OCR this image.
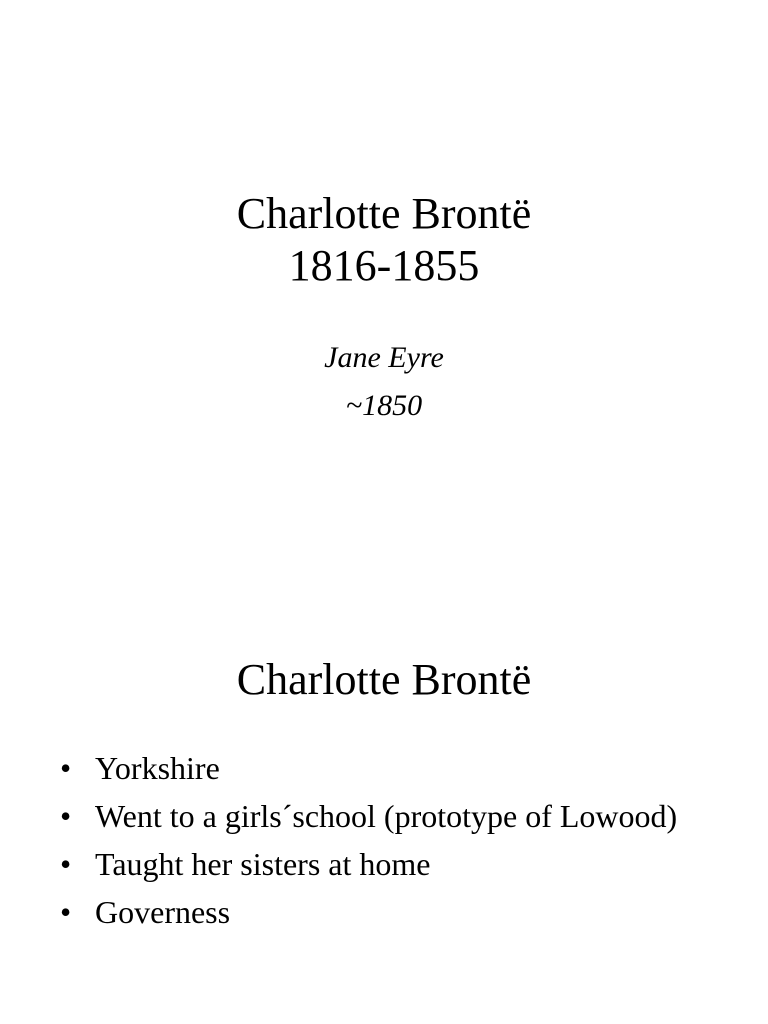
Charlotte Brontë
1816-1855

Jane Eyre

~1850

Charlotte Brontë
• Yorkshire
• Went to a girls´school (prototype of Lowood)
• Taught her sisters at home
• Governess
